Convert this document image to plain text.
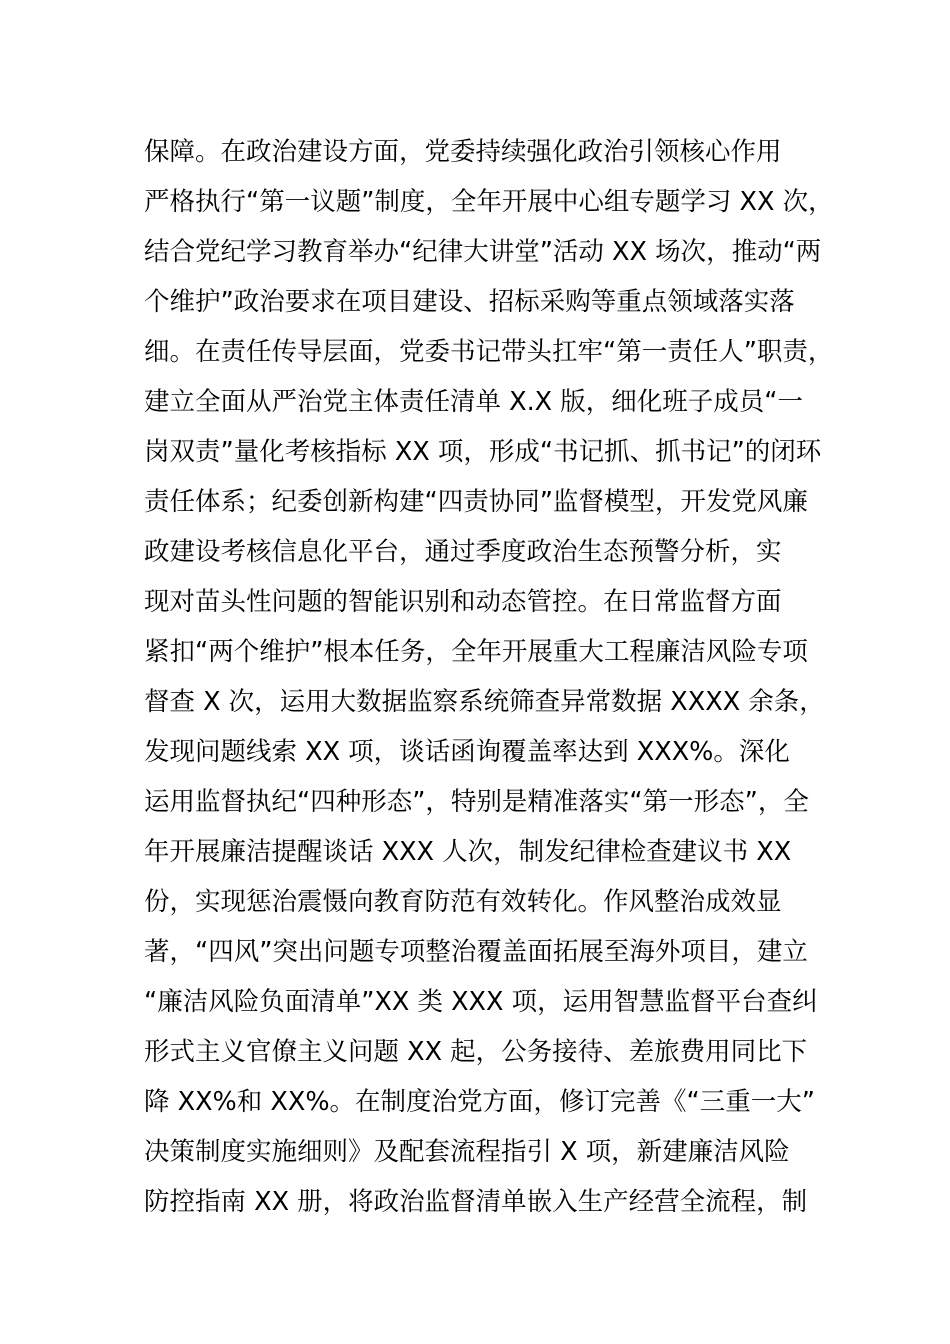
保障。在政治建设方面，党委持续强化政治引领核心作用
严格执行“第一议题”制度，全年开展中心组专题学习 XX 次，
结合党纪学习教育举办“纪律大讲堂”活动 XX 场次，推动“两
个维护”政治要求在项目建设、招标采购等重点领域落实落
细。在责任传导层面，党委书记带头扛牢“第一责任人”职责，
建立全面从严治党主体责任清单 X.X 版，细化班子成员“一
岗双责”量化考核指标 XX 项，形成“书记抓、抓书记”的闭环
责任体系；纪委创新构建“四责协同”监督模型，开发党风廉
政建设考核信息化平台，通过季度政治生态预警分析，实
现对苗头性问题的智能识别和动态管控。在日常监督方面
紧扣“两个维护”根本任务，全年开展重大工程廉洁风险专项
督查 X 次，运用大数据监察系统筛查异常数据 XXXX 余条，
发现问题线索 XX 项，谈话函询覆盖率达到 XXX%。深化
运用监督执纪“四种形态”，特别是精准落实“第一形态”，全
年开展廉洁提醒谈话 XXX 人次，制发纪律检查建议书 XX
份，实现惩治震慑向教育防范有效转化。作风整治成效显
著，“四风”突出问题专项整治覆盖面拓展至海外项目，建立
“廉洁风险负面清单”XX 类 XXX 项，运用智慧监督平台查纠
形式主义官僚主义问题 XX 起，公务接待、差旅费用同比下
降 XX%和 XX%。在制度治党方面，修订完善《“三重一大”
决策制度实施细则》及配套流程指引 X 项，新建廉洁风险
防控指南 XX 册，将政治监督清单嵌入生产经营全流程，制
